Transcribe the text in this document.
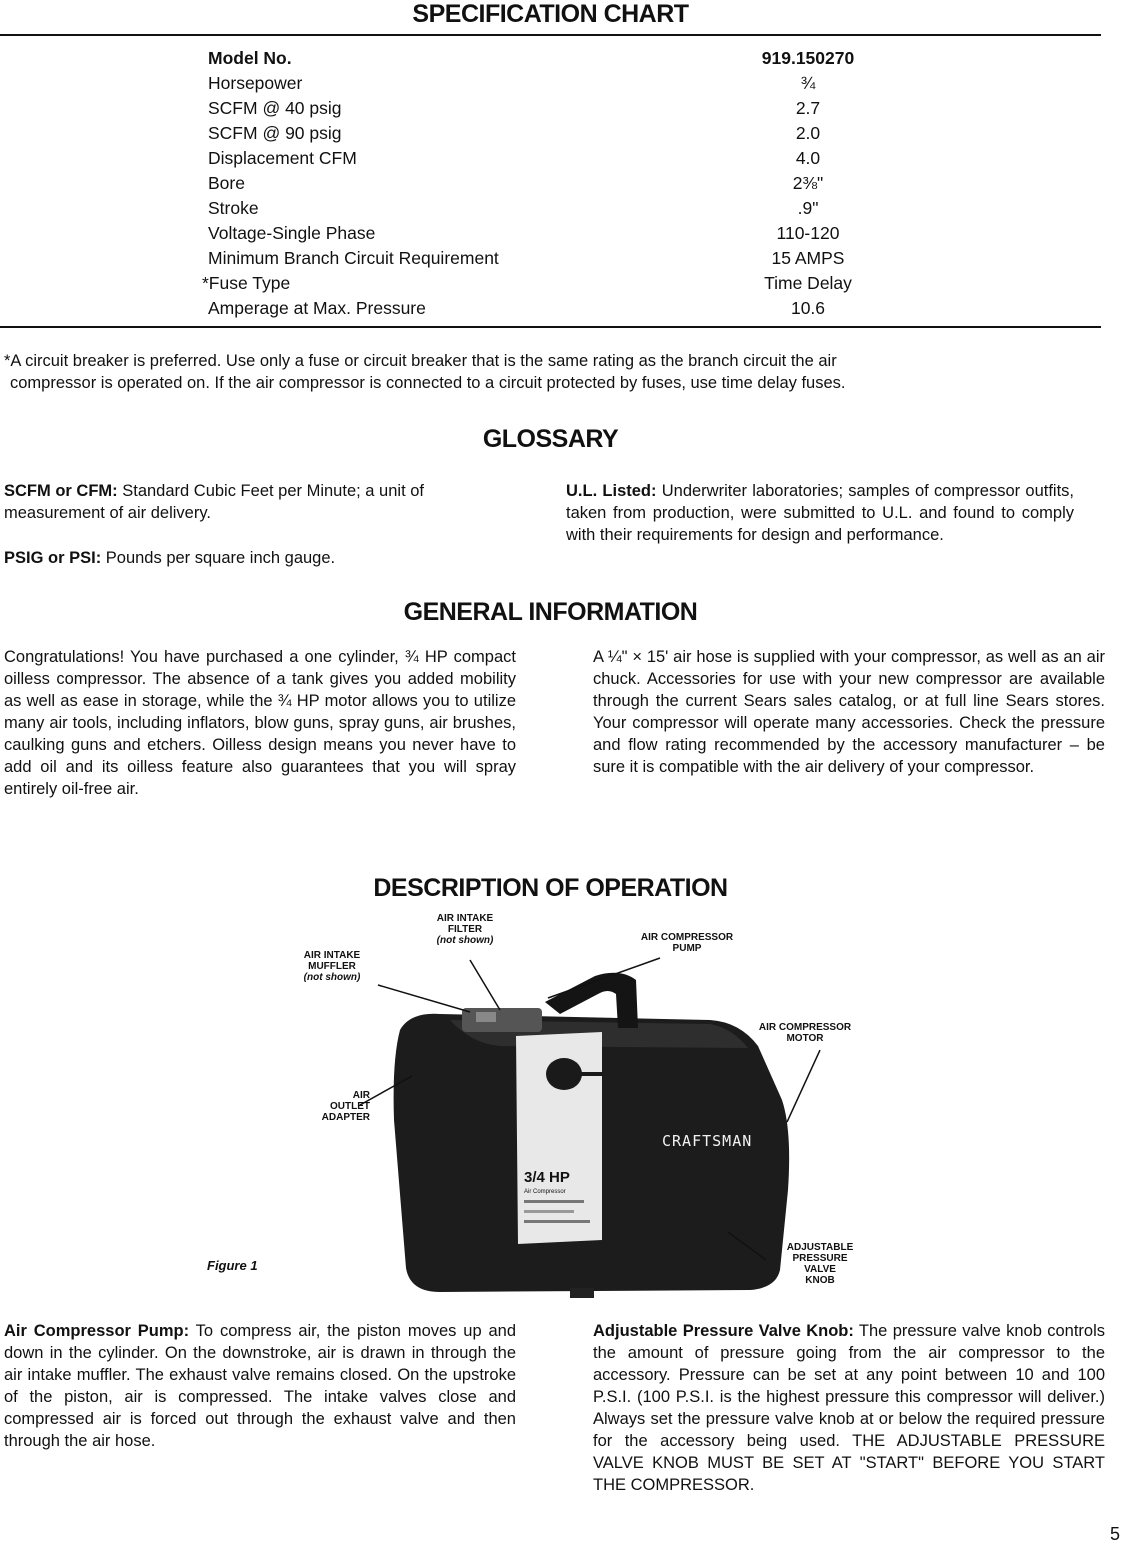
SPECIFICATION CHART
Model No.	919.150270
Horsepower	¾
SCFM @ 40 psig	2.7
SCFM @ 90 psig	2.0
Displacement CFM	4.0
Bore	2⅜"
Stroke	.9"
Voltage-Single Phase	110-120
Minimum Branch Circuit Requirement	15 AMPS
*Fuse Type	Time Delay
Amperage at Max. Pressure	10.6
*A circuit breaker is preferred. Use only a fuse or circuit breaker that is the same rating as the branch circuit the air
compressor is operated on. If the air compressor is connected to a circuit protected by fuses, use time delay fuses.
GLOSSARY
SCFM or CFM: Standard Cubic Feet per Minute; a unit of measurement of air delivery.
PSIG or PSI: Pounds per square inch gauge.
U.L. Listed: Underwriter laboratories; samples of compressor outfits, taken from production, were submitted to U.L. and found to comply with their requirements for design and performance.
GENERAL INFORMATION
Congratulations! You have purchased a one cylinder, ¾ HP compact oilless compressor. The absence of a tank gives you added mobility as well as ease in storage, while the ¾ HP motor allows you to utilize many air tools, including inflators, blow guns, spray guns, air brushes, caulking guns and etchers. Oilless design means you never have to add oil and its oilless feature also guarantees that you will spray entirely oil-free air.
A ¼" × 15' air hose is supplied with your compressor, as well as an air chuck. Accessories for use with your new compressor are available through the current Sears sales catalog, or at full line Sears stores. Your compressor will operate many accessories. Check the pressure and flow rating recommended by the accessory manufacturer – be sure it is compatible with the air delivery of your compressor.
DESCRIPTION OF OPERATION
3/4 HP
Air Compressor
CRAFTSMAN
AIR INTAKE
FILTER
(not shown)
AIR INTAKE
MUFFLER
(not shown)
AIR COMPRESSOR
PUMP
AIR COMPRESSOR
MOTOR
AIR
OUTLET
ADAPTER
ADJUSTABLE
PRESSURE
VALVE
KNOB
Figure 1
Air Compressor Pump: To compress air, the piston moves up and down in the cylinder. On the downstroke, air is drawn in through the air intake muffler. The exhaust valve remains closed. On the upstroke of the piston, air is compressed. The intake valves close and compressed air is forced out through the exhaust valve and then through the air hose.
Adjustable Pressure Valve Knob: The pressure valve knob controls the amount of pressure going from the air compressor to the accessory. Pressure can be set at any point between 10 and 100 P.S.I. (100 P.S.I. is the highest pressure this compressor will deliver.) Always set the pressure valve knob at or below the required pressure for the accessory being used. THE ADJUSTABLE PRESSURE VALVE KNOB MUST BE SET AT "START" BEFORE YOU START THE COMPRESSOR.
5
